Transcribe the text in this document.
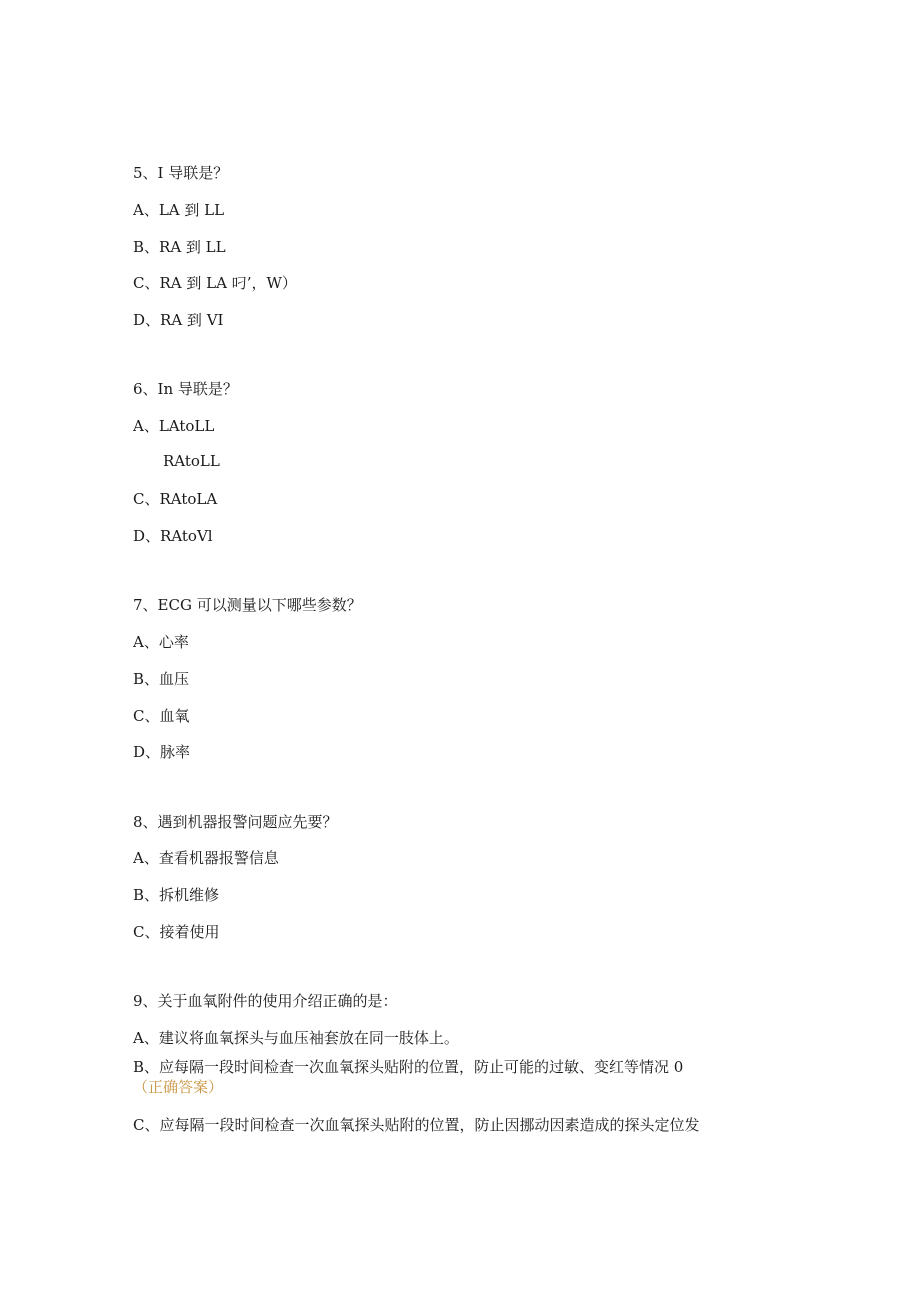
5、I 导联是？
A、LA 到 LL
B、RA 到 LL
C、RA 到 LA 叼’，W）
D、RA 到 VI
6、In 导联是？
A、LAtoLL
RAtoLL
C、RAtoLA
D、RAtoVl
7、ECG 可以测量以下哪些参数？
A、心率
B、血压
C、血氧
D、脉率
8、遇到机器报警问题应先要？
A、查看机器报警信息
B、拆机维修
C、接着使用
9、关于血氧附件的使用介绍正确的是：
A、建议将血氧探头与血压袖套放在同一肢体上。
B、应每隔一段时间检查一次血氧探头贴附的位置，防止可能的过敏、变红等情况 0
（正确答案）
C、应每隔一段时间检查一次血氧探头贴附的位置，防止因挪动因素造成的探头定位发
